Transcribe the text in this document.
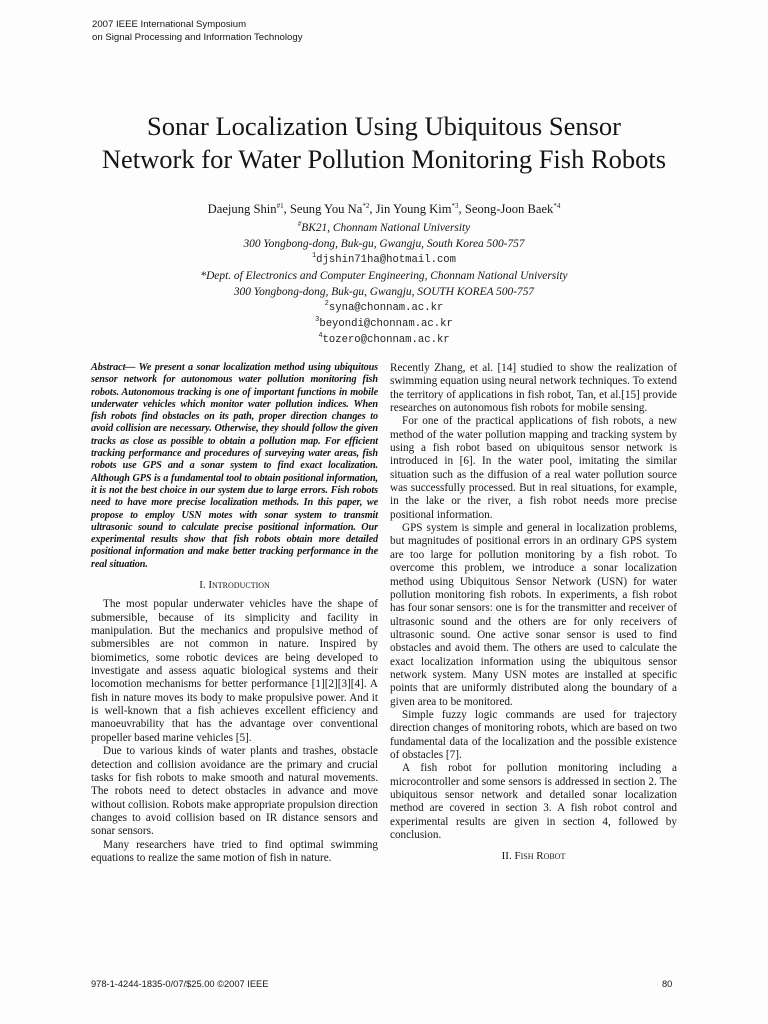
2007 IEEE International Symposium
on Signal Processing and Information Technology
Sonar Localization Using Ubiquitous Sensor
Network for Water Pollution Monitoring Fish Robots
Daejung Shin$^{\#1}$, Seung You Na$^{*2}$, Jin Young Kim$^{*3}$, Seong-Joon Baek$^{*4}$
#BK21, Chonnam National University
300 Yongbong-dong, Buk-gu, Gwangju, South Korea 500-757
$^1$djshin71ha@hotmail.com
*Dept. of Electronics and Computer Engineering, Chonnam National University
300 Yongbong-dong, Buk-gu, Gwangju, SOUTH KOREA 500-757
$^2$syna@chonnam.ac.kr
$^3$beyondi@chonnam.ac.kr
$^4$tozero@chonnam.ac.kr

Abstract— We present a sonar localization method using ubiquitous sensor network for autonomous water pollution monitoring fish robots. Autonomous tracking is one of important functions in mobile underwater vehicles which monitor water pollution indices. When fish robots find obstacles on its path, proper direction changes to avoid collision are necessary. Otherwise, they should follow the given tracks as close as possible to obtain a pollution map. For efficient tracking performance and procedures of surveying water areas, fish robots use GPS and a sonar system to find exact localization. Although GPS is a fundamental tool to obtain positional information, it is not the best choice in our system due to large errors. Fish robots need to have more precise localization methods. In this paper, we propose to employ USN motes with sonar system to transmit ultrasonic sound to calculate precise positional information. Our experimental results show that fish robots obtain more detailed positional information and make better tracking performance in the real situation.

I. Introduction

The most popular underwater vehicles have the shape of submersible, because of its simplicity and facility in manipulation. But the mechanics and propulsive method of submersibles are not common in nature. Inspired by biomimetics, some robotic devices are being developed to investigate and assess aquatic biological systems and their locomotion mechanisms for better performance [1][2][3][4]. A fish in nature moves its body to make propulsive power. And it is well-known that a fish achieves excellent efficiency and manoeuvrability that has the advantage over conventional propeller based marine vehicles [5].

Due to various kinds of water plants and trashes, obstacle detection and collision avoidance are the primary and crucial tasks for fish robots to make smooth and natural movements. The robots need to detect obstacles in advance and move without collision. Robots make appropriate propulsion direction changes to avoid collision based on IR distance sensors and sonar sensors.

Many researchers have tried to find optimal swimming equations to realize the same motion of fish in nature.

Recently Zhang, et al. [14] studied to show the realization of swimming equation using neural network techniques. To extend the territory of applications in fish robot, Tan, et al.[15] provide researches on autonomous fish robots for mobile sensing.

For one of the practical applications of fish robots, a new method of the water pollution mapping and tracking system by using a fish robot based on ubiquitous sensor network is introduced in [6]. In the water pool, imitating the similar situation such as the diffusion of a real water pollution source was successfully processed. But in real situations, for example, in the lake or the river, a fish robot needs more precise positional information.

GPS system is simple and general in localization problems, but magnitudes of positional errors in an ordinary GPS system are too large for pollution monitoring by a fish robot. To overcome this problem, we introduce a sonar localization method using Ubiquitous Sensor Network (USN) for water pollution monitoring fish robots. In experiments, a fish robot has four sonar sensors: one is for the transmitter and receiver of ultrasonic sound and the others are for only receivers of ultrasonic sound. One active sonar sensor is used to find obstacles and avoid them. The others are used to calculate the exact localization information using the ubiquitous sensor network system. Many USN motes are installed at specific points that are uniformly distributed along the boundary of a given area to be monitored.

Simple fuzzy logic commands are used for trajectory direction changes of monitoring robots, which are based on two fundamental data of the localization and the possible existence of obstacles [7].

A fish robot for pollution monitoring including a microcontroller and some sensors is addressed in section 2. The ubiquitous sensor network and detailed sonar localization method are covered in section 3. A fish robot control and experimental results are given in section 4, followed by conclusion.

II. Fish Robot

978-1-4244-1835-0/07/$25.00 ©2007 IEEE	80
